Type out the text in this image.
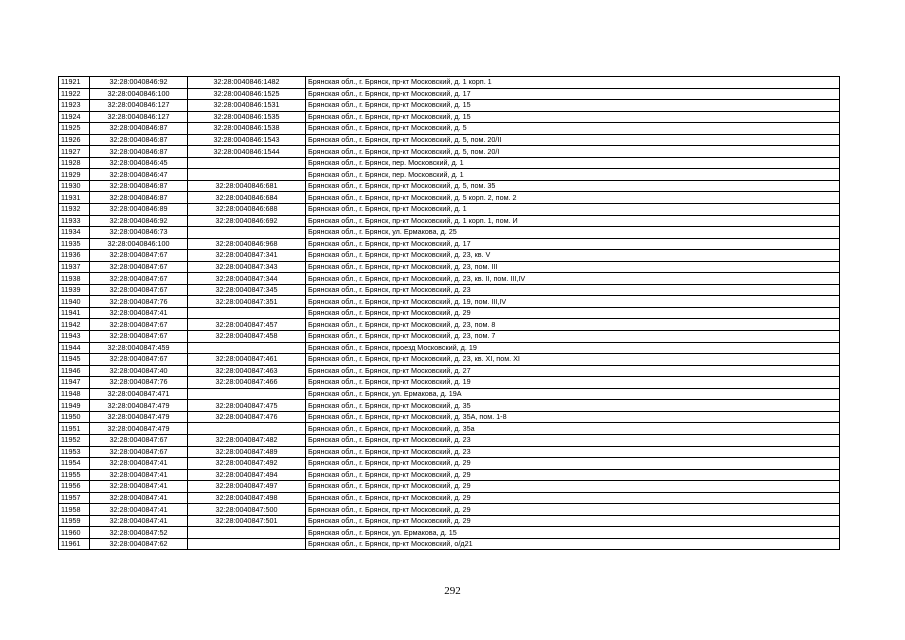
11921	32:28:0040846:92	32:28:0040846:1482	Брянская обл., г. Брянск, пр-кт Московский, д. 1 корп. 1
11922	32:28:0040846:100	32:28:0040846:1525	Брянская обл., г. Брянск, пр-кт Московский, д. 17
11923	32:28:0040846:127	32:28:0040846:1531	Брянская обл., г. Брянск, пр-кт Московский, д. 15
11924	32:28:0040846:127	32:28:0040846:1535	Брянская обл., г. Брянск, пр-кт Московский, д. 15
11925	32:28:0040846:87	32:28:0040846:1538	Брянская обл., г. Брянск, пр-кт Московский, д. 5
11926	32:28:0040846:87	32:28:0040846:1543	Брянская обл., г. Брянск, пр-кт Московский, д. 5, пом. 20/II
11927	32:28:0040846:87	32:28:0040846:1544	Брянская обл., г. Брянск, пр-кт Московский, д. 5, пом. 20/I
11928	32:28:0040846:45		Брянская обл., г. Брянск, пер. Московский, д. 1
11929	32:28:0040846:47		Брянская обл., г. Брянск, пер. Московский, д. 1
11930	32:28:0040846:87	32:28:0040846:681	Брянская обл., г. Брянск, пр-кт Московский, д. 5, пом. 35
11931	32:28:0040846:87	32:28:0040846:684	Брянская обл., г. Брянск, пр-кт Московский, д. 5 корп. 2, пом. 2
11932	32:28:0040846:89	32:28:0040846:688	Брянская обл., г. Брянск, пр-кт Московский, д. 1
11933	32:28:0040846:92	32:28:0040846:692	Брянская обл., г. Брянск, пр-кт Московский, д. 1 корп. 1, пом. И
11934	32:28:0040846:73		Брянская обл., г. Брянск, ул. Ермакова, д. 25
11935	32:28:0040846:100	32:28:0040846:968	Брянская обл., г. Брянск, пр-кт Московский, д. 17
11936	32:28:0040847:67	32:28:0040847:341	Брянская обл., г. Брянск, пр-кт Московский, д. 23, кв. V
11937	32:28:0040847:67	32:28:0040847:343	Брянская обл., г. Брянск, пр-кт Московский, д. 23, пом. III
11938	32:28:0040847:67	32:28:0040847:344	Брянская обл., г. Брянск, пр-кт Московский, д. 23, кв. II, пом. III,IV
11939	32:28:0040847:67	32:28:0040847:345	Брянская обл., г. Брянск, пр-кт Московский, д. 23
11940	32:28:0040847:76	32:28:0040847:351	Брянская обл., г. Брянск, пр-кт Московский, д. 19, пом. III,IV
11941	32:28:0040847:41		Брянская обл., г. Брянск, пр-кт Московский, д. 29
11942	32:28:0040847:67	32:28:0040847:457	Брянская обл., г. Брянск, пр-кт Московский, д. 23, пом. 8
11943	32:28:0040847:67	32:28:0040847:458	Брянская обл., г. Брянск, пр-кт Московский, д. 23, пом. 7
11944	32:28:0040847:459		Брянская обл., г. Брянск, проезд Московский, д. 19
11945	32:28:0040847:67	32:28:0040847:461	Брянская обл., г. Брянск, пр-кт Московский, д. 23, кв. XI, пом. XI
11946	32:28:0040847:40	32:28:0040847:463	Брянская обл., г. Брянск, пр-кт Московский, д. 27
11947	32:28:0040847:76	32:28:0040847:466	Брянская обл., г. Брянск, пр-кт Московский, д. 19
11948	32:28:0040847:471		Брянская обл., г. Брянск, ул. Ермакова, д. 19А
11949	32:28:0040847:479	32:28:0040847:475	Брянская обл., г. Брянск, пр-кт Московский, д. 35
11950	32:28:0040847:479	32:28:0040847:476	Брянская обл., г. Брянск, пр-кт Московский, д. 35А, пом. 1-8
11951	32:28:0040847:479		Брянская обл., г. Брянск, пр-кт Московский, д. 35а
11952	32:28:0040847:67	32:28:0040847:482	Брянская обл., г. Брянск, пр-кт Московский, д. 23
11953	32:28:0040847:67	32:28:0040847:489	Брянская обл., г. Брянск, пр-кт Московский, д. 23
11954	32:28:0040847:41	32:28:0040847:492	Брянская обл., г. Брянск, пр-кт Московский, д. 29
11955	32:28:0040847:41	32:28:0040847:494	Брянская обл., г. Брянск, пр-кт Московский, д. 29
11956	32:28:0040847:41	32:28:0040847:497	Брянская обл., г. Брянск, пр-кт Московский, д. 29
11957	32:28:0040847:41	32:28:0040847:498	Брянская обл., г. Брянск, пр-кт Московский, д. 29
11958	32:28:0040847:41	32:28:0040847:500	Брянская обл., г. Брянск, пр-кт Московский, д. 29
11959	32:28:0040847:41	32:28:0040847:501	Брянская обл., г. Брянск, пр-кт Московский, д. 29
11960	32:28:0040847:52		Брянская обл., г. Брянск, ул. Ермакова, д. 15
11961	32:28:0040847:62		Брянская обл., г. Брянск, пр-кт Московский, о/д21
292
